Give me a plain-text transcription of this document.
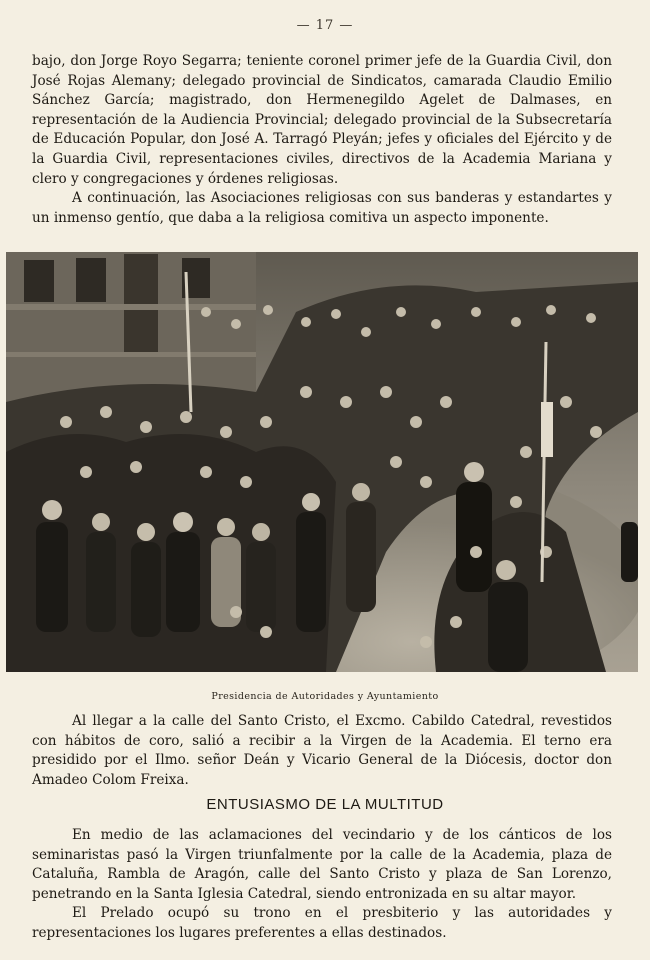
— 17 —

bajo, don Jorge Royo Segarra; teniente coronel primer jefe de la Guardia Civil, don José Rojas Alemany; delegado provincial de Sindicatos, camarada Claudio Emilio Sánchez García; magistrado, don Hermenegildo Agelet de Dalmases, en representación de la Audiencia Provincial; delegado provincial de la Subsecretaría de Educación Popular, don José A. Tarragó Pleyán; jefes y oficiales del Ejército y de la Guardia Civil, representaciones civiles, directivos de la Academia Mariana y clero y congregaciones y órdenes religiosas.

A continuación, las Asociaciones religiosas con sus banderas y estandartes y un inmenso gentío, que daba a la religiosa comitiva un aspecto imponente.

Presidencia de Autoridades y Ayuntamiento

Al llegar a la calle del Santo Cristo, el Excmo. Cabildo Catedral, revestidos con hábitos de coro, salió a recibir a la Virgen de la Academia. El terno era presidido por el Ilmo. señor Deán y Vicario General de la Diócesis, doctor don Amadeo Colom Freixa.

ENTUSIASMO DE LA MULTITUD

En medio de las aclamaciones del vecindario y de los cánticos de los seminaristas pasó la Virgen triunfalmente por la calle de la Academia, plaza de Cataluña, Rambla de Aragón, calle del Santo Cristo y plaza de San Lorenzo, penetrando en la Santa Iglesia Catedral, siendo entronizada en su altar mayor.

El Prelado ocupó su trono en el presbiterio y las autoridades y representaciones los lugares preferentes a ellas destinados.
